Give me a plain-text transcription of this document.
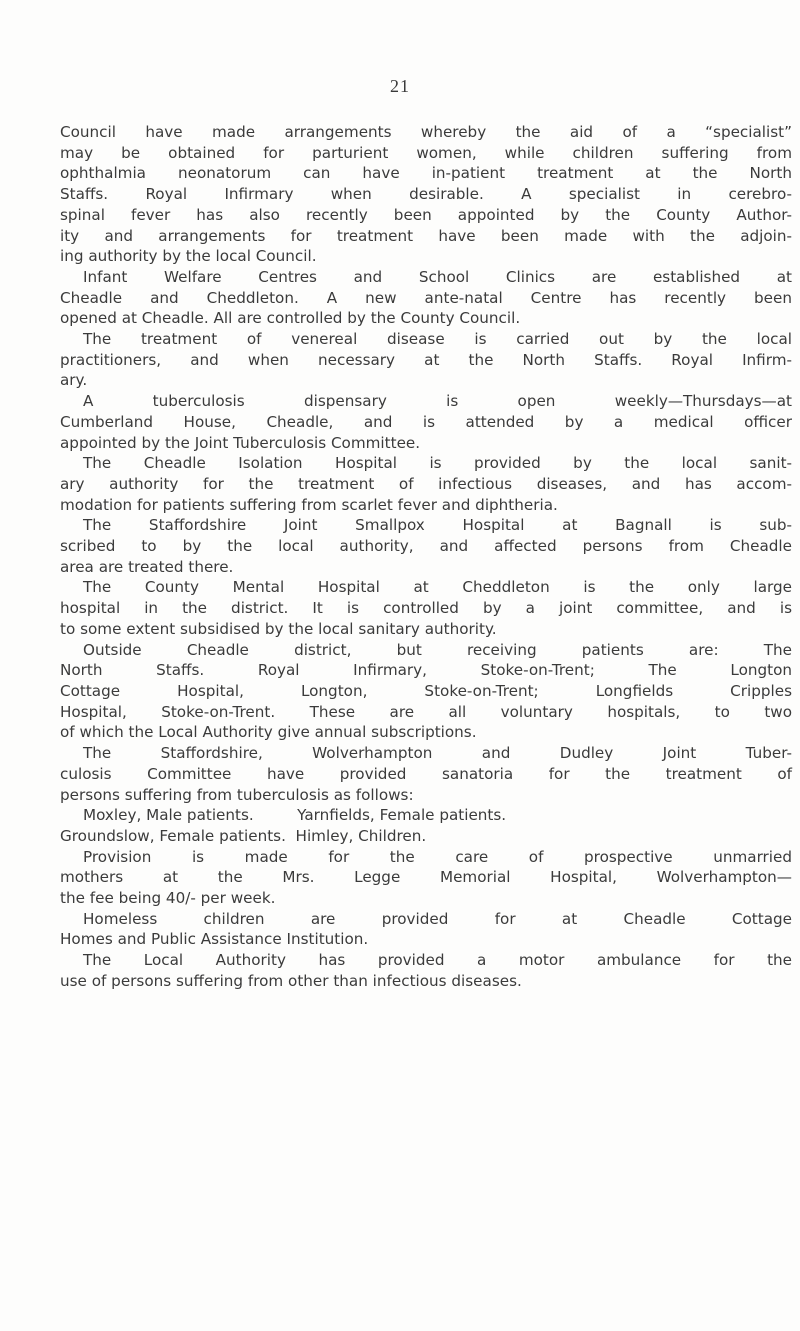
21
Council have made arrangements whereby the aid of a “specialist”
may be obtained for parturient women, while children suffering from
ophthalmia neonatorum can have in-patient treatment at the North
Staffs. Royal Infirmary when desirable. A specialist in cerebro-
spinal fever has also recently been appointed by the County Author-
ity and arrangements for treatment have been made with the adjoin-
ing authority by the local Council.
Infant Welfare Centres and School Clinics are established at
Cheadle and Cheddleton. A new ante-natal Centre has recently been
opened at Cheadle. All are controlled by the County Council.
The treatment of venereal disease is carried out by the local
practitioners, and when necessary at the North Staffs. Royal Infirm-
ary.
A tuberculosis dispensary is open weekly—Thursdays—at
Cumberland House, Cheadle, and is attended by a medical officer
appointed by the Joint Tuberculosis Committee.
The Cheadle Isolation Hospital is provided by the local sanit-
ary authority for the treatment of infectious diseases, and has accom-
modation for patients suffering from scarlet fever and diphtheria.
The Staffordshire Joint Smallpox Hospital at Bagnall is sub-
scribed to by the local authority, and affected persons from Cheadle
area are treated there.
The County Mental Hospital at Cheddleton is the only large
hospital in the district. It is controlled by a joint committee, and is
to some extent subsidised by the local sanitary authority.
Outside Cheadle district, but receiving patients are: The
North Staffs. Royal Infirmary, Stoke-on-Trent; The Longton
Cottage Hospital, Longton, Stoke-on-Trent; Longfields Cripples
Hospital, Stoke-on-Trent. These are all voluntary hospitals, to two
of which the Local Authority give annual subscriptions.
The Staffordshire, Wolverhampton and Dudley Joint Tuber-
culosis Committee have provided sanatoria for the treatment of
persons suffering from tuberculosis as follows:
Moxley, Male patients.         Yarnfields, Female patients.
Groundslow, Female patients.  Himley, Children.
Provision is made for the care of prospective unmarried
mothers at the Mrs. Legge Memorial Hospital, Wolverhampton—
the fee being 40/- per week.
Homeless children are provided for at Cheadle Cottage
Homes and Public Assistance Institution.
The Local Authority has provided a motor ambulance for the
use of persons suffering from other than infectious diseases.
